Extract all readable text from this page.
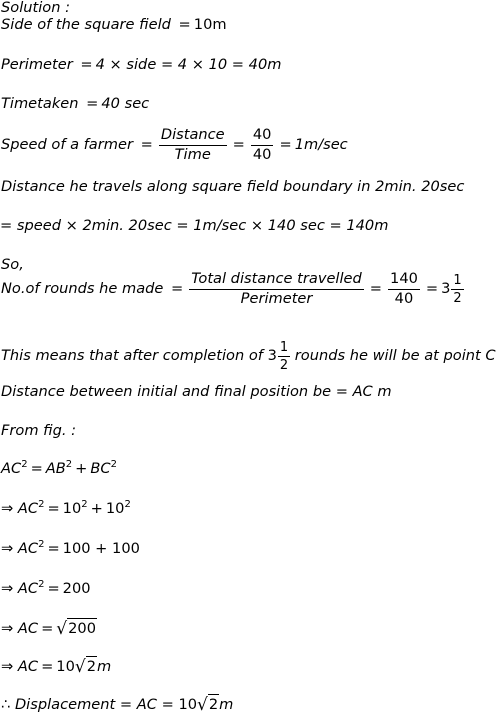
Solution :
Side of the square field = 10m
Perimeter = 4 × side = 4 × 10 = 40m
Timetaken = 40 sec
Speed of a farmer = $\frac{\text{Distance}}{\text{Time}} = \frac{40}{40} = 1m/\sec$
Distance he travels along square field boundary in 2min. 20sec
= speed × 2min. 20sec = 1m/sec × 140 sec = 140m
So,
No.of rounds he made = $\frac{\text{Total distance travelled}}{\text{Perimeter}} = \frac{140}{40} = 3 \frac{1}{2}$
This means that after completion of $3 \frac{1}{2}$ rounds he will be at point C
Distance between initial and final position be = AC m
From fig. :
$AC^2 = AB^2 + BC^2$
⇒ $AC^2 = 10^2 + 10^2$
⇒ $AC^2 = 100 + 100$
⇒ $AC^2 = 200$
⇒ AC = √200
⇒ AC = 10√2m
∴ Displacement = AC = 10√2m
